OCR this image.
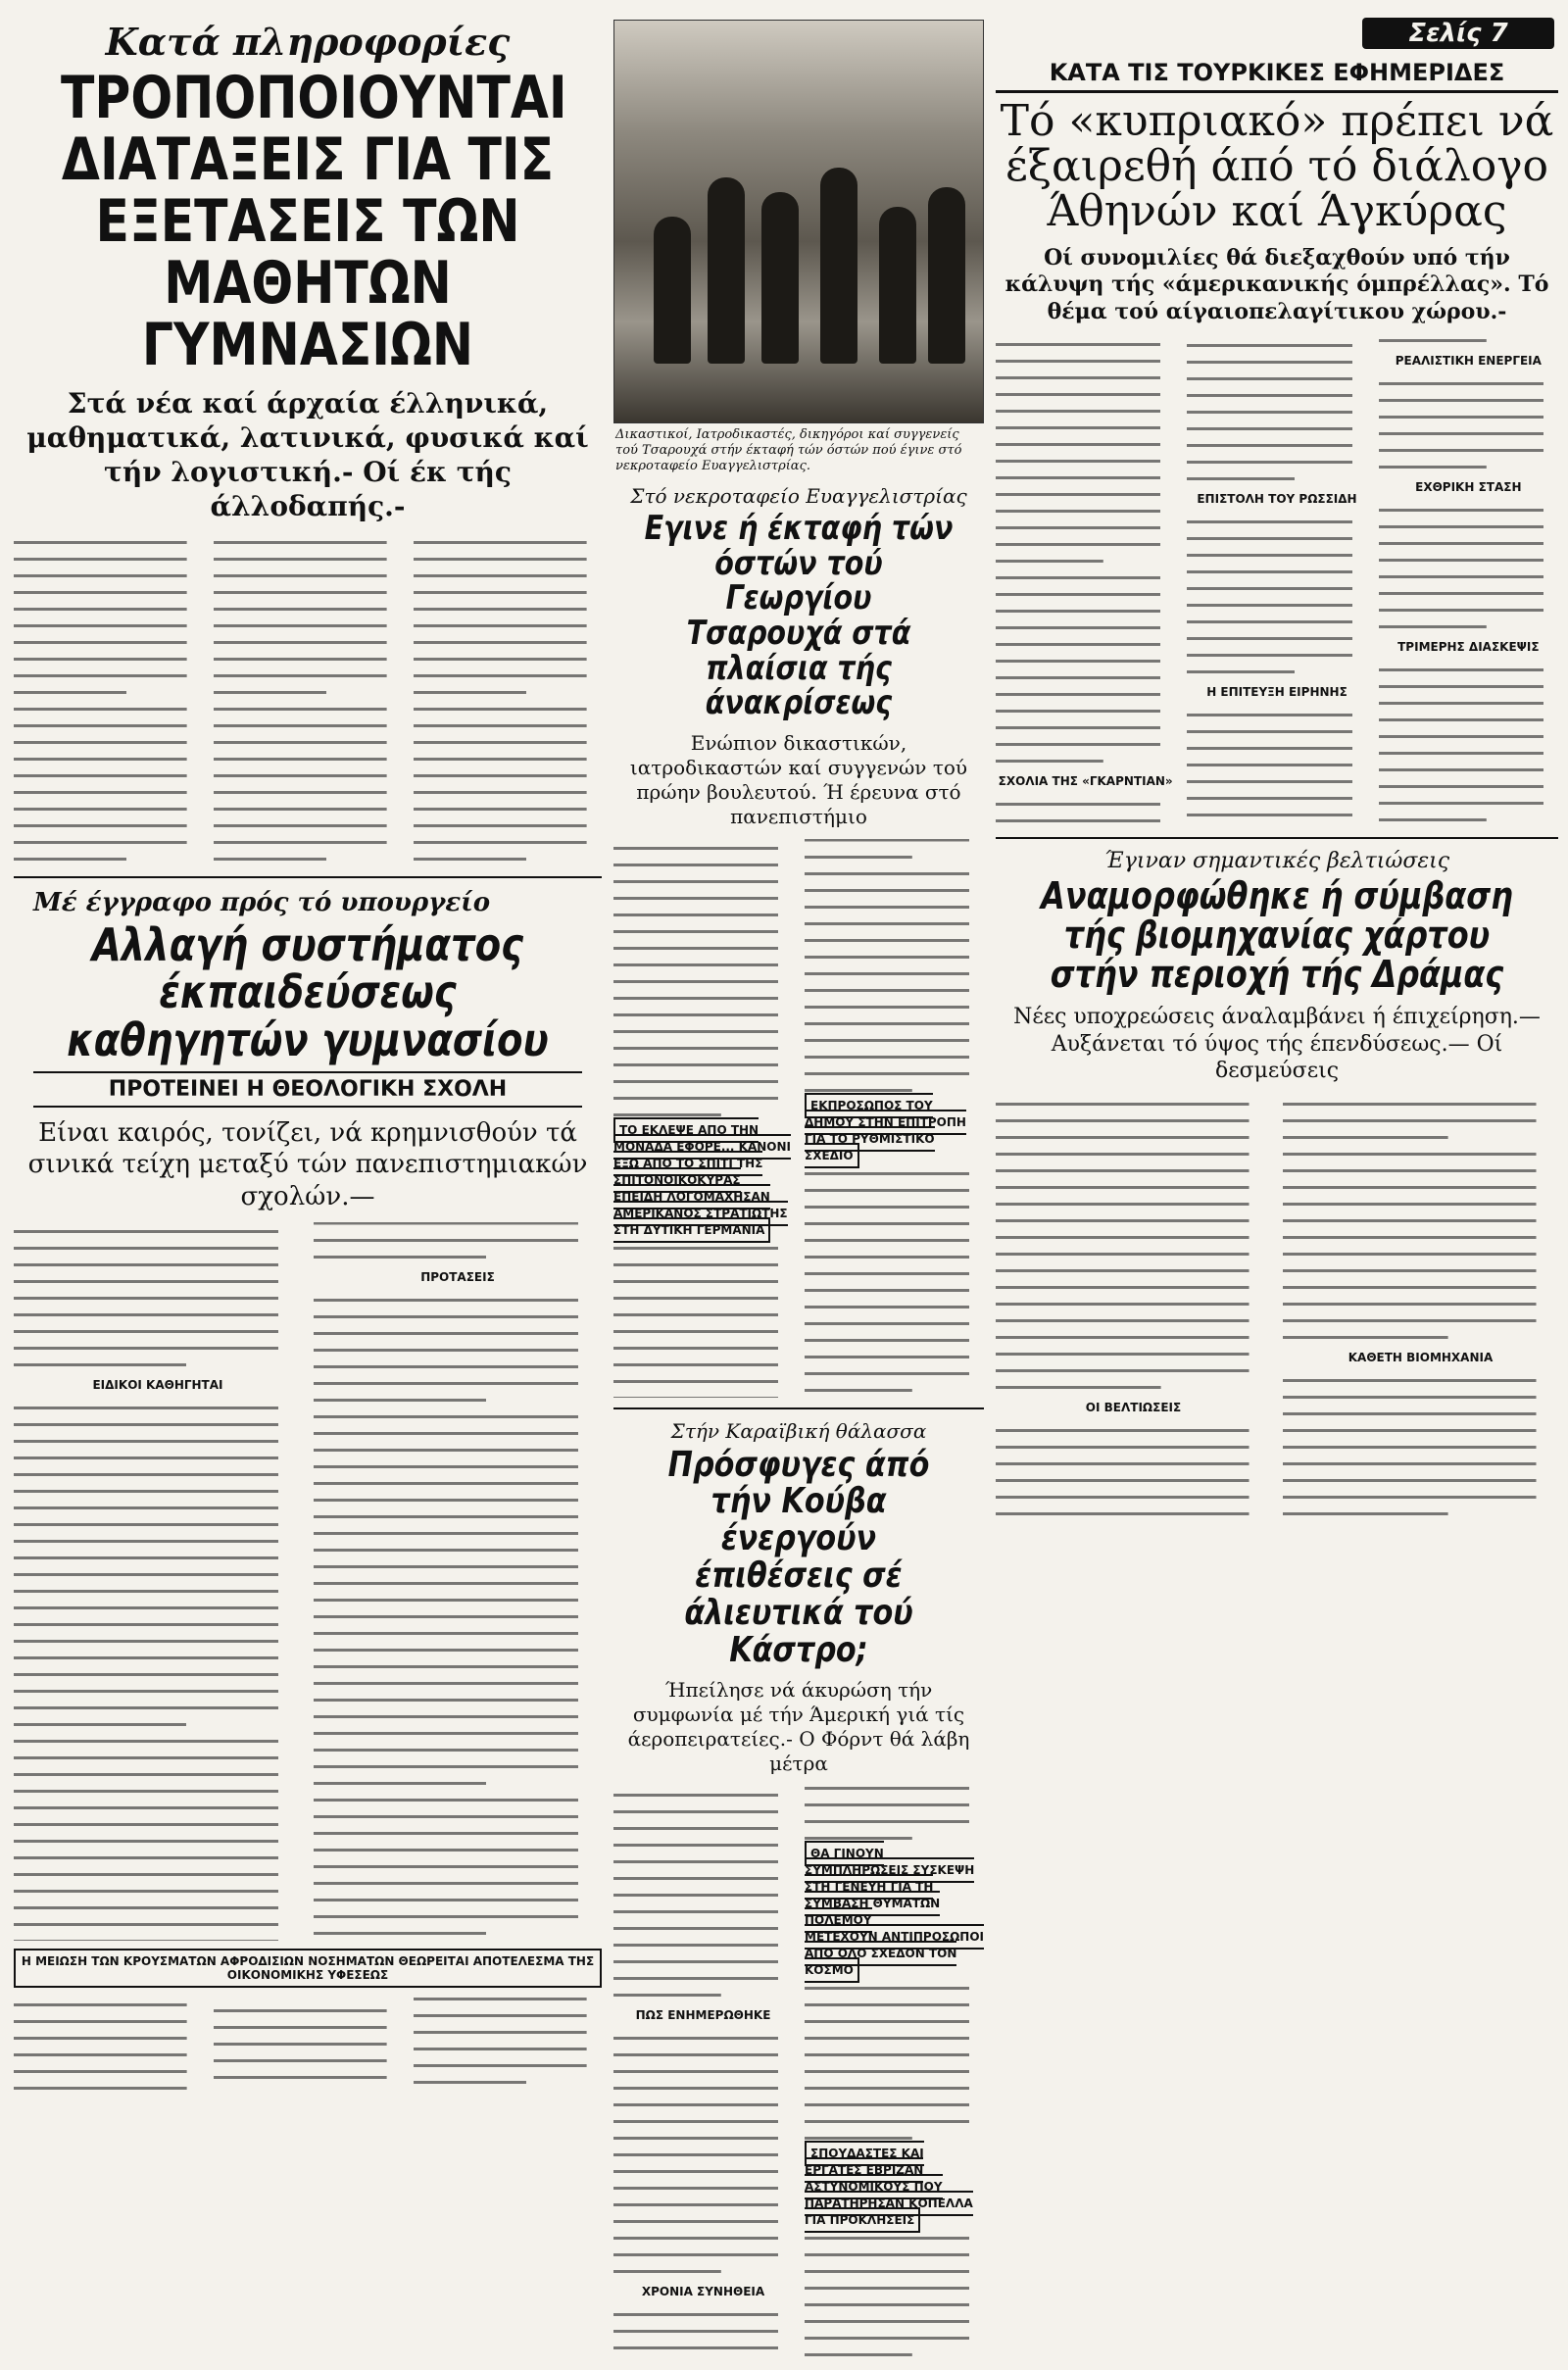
Σελίς 7
Κατά πληροφορίες
ΤΡΟΠΟΠΟΙΟΥΝΤΑΙ ΔΙΑΤΑΞΕΙΣ ΓΙΑ ΤΙΣ ΕΞΕΤΑΣΕΙΣ ΤΩΝ ΜΑΘΗΤΩΝ ΓΥΜΝΑΣΙΩΝ
Στά νέα καί άρχαία έλληνικά, μαθηματικά, λατινικά, φυσικά καί τήν λογιστική.- Οί έκ τής άλλοδαπής.-
Μέ έγγραφο πρός τό υπουργείο
Αλλαγή συστήματος έκπαιδεύσεως καθηγητών γυμνασίου
ΠΡΟΤΕΙΝΕΙ Η ΘΕΟΛΟΓΙΚΗ ΣΧΟΛΗ
Είναι καιρός, τονίζει, νά κρημνισθούν τά σινικά τείχη μεταξύ τών πανεπιστημιακών σχολών.—
ΕΙΔΙΚΟΙ ΚΑΘΗΓΗΤΑΙ
ΠΡΟΤΑΣΕΙΣ
Η ΜΕΙΩΣΗ ΤΩΝ ΚΡΟΥΣΜΑΤΩΝ ΑΦΡΟΔΙΣΙΩΝ ΝΟΣΗΜΑΤΩΝ ΘΕΩΡΕΙΤΑΙ ΑΠΟΤΕΛΕΣΜΑ ΤΗΣ ΟΙΚΟΝΟΜΙΚΗΣ ΥΦΕΣΕΩΣ
Δικαστικοί, Ιατροδικαστές, δικηγόροι καί συγγενείς τού Τσαρουχά στήν έκταφή τών όστών πού έγινε στό νεκροταφείο Ευαγγελιστρίας.
Στό νεκροταφείο Ευαγγελιστρίας
Εγινε ή έκταφή τών όστών τού Γεωργίου Τσαρουχά στά πλαίσια τής άνακρίσεως
Ενώπιον δικαστικών, ιατροδικαστών καί συγγενών τού πρώην βουλευτού. Ή έρευνα στό πανεπιστήμιο
ΤΟ ΕΚΛΕΨΕ ΑΠΟ ΤΗΝ ΜΟΝΑΔΑ ΕΦΟΡΕ... ΚΑΝΟΝΙ ΕΞΩ ΑΠΟ ΤΟ ΣΠΙΤΙ ΤΗΣ ΣΠΙΤΟΝΟΙΚΟΚΥΡΑΣ ΕΠΕΙΔΗ ΛΟΓΟΜΑΧΗΣΑΝ
ΑΜΕΡΙΚΑΝΟΣ ΣΤΡΑΤΙΩΤΗΣ ΣΤΗ ΔΥΤΙΚΗ ΓΕΡΜΑΝΙΑ
ΕΚΠΡΟΣΩΠΟΣ ΤΟΥ ΔΗΜΟΥ ΣΤΗΝ ΕΠΙΤΡΟΠΗ ΓΙΑ ΤΟ ΡΥΘΜΙΣΤΙΚΟ ΣΧΕΔΙΟ
Στήν Καραϊβική θάλασσα
Πρόσφυγες άπό τήν Κούβα ένεργούν έπιθέσεις σέ άλιευτικά τού Κάστρο;
Ήπείλησε νά άκυρώση τήν συμφωνία μέ τήν Άμερική γιά τίς άεροπειρατείες.- Ο Φόρντ θά λάβη μέτρα
ΠΩΣ ΕΝΗΜΕΡΩΘΗΚΕ
ΧΡΟΝΙΑ ΣΥΝΗΘΕΙΑ
ΘΑ ΓΙΝΟΥΝ ΣΥΜΠΛΗΡΩΣΕΙΣ ΣΥΣΚΕΨΗ ΣΤΗ ΓΕΝΕΥΗ ΓΙΑ ΤΗ ΣΥΜΒΑΣΗ ΘΥΜΑΤΩΝ ΠΟΛΕΜΟΥ
ΜΕΤΕΧΟΥΝ ΑΝΤΙΠΡΟΣΩΠΟΙ ΑΠΟ ΟΛΟ ΣΧΕΔΟΝ ΤΟΝ ΚΟΣΜΟ
ΣΠΟΥΔΑΣΤΕΣ ΚΑΙ ΕΡΓΑΤΕΣ ΕΒΡΙΖΑΝ ΑΣΤΥΝΟΜΙΚΟΥΣ ΠΟΥ ΠΑΡΑΤΗΡΗΣΑΝ ΚΟΠΕΛΛΑ ΓΙΑ ΠΡΟΚΛΗΣΕΙΣ
ΚΑΤΑ ΤΙΣ ΤΟΥΡΚΙΚΕΣ ΕΦΗΜΕΡΙΔΕΣ
Τό «κυπριακό» πρέπει νά έξαιρεθή άπό τό διάλογο Άθηνών καί Άγκύρας
Οί συνομιλίες θά διεξαχθούν υπό τήν κάλυψη τής «άμερικανικής όμπρέλλας». Τό θέμα τού αίγαιοπελαγίτικου χώρου.-
ΣΧΟΛΙΑ ΤΗΣ «ΓΚΑΡΝΤΙΑΝ»
ΕΠΙΣΤΟΛΗ ΤΟΥ ΡΩΣΣΙΔΗ
Η ΕΠΙΤΕΥΞΗ ΕΙΡΗΝΗΣ
ΡΕΑΛΙΣΤΙΚΗ ΕΝΕΡΓΕΙΑ
ΕΧΘΡΙΚΗ ΣΤΑΣΗ
ΤΡΙΜΕΡΗΣ ΔΙΑΣΚΕΨΙΣ
Έγιναν σημαντικές βελτιώσεις
Αναμορφώθηκε ή σύμβαση τής βιομηχανίας χάρτου στήν περιοχή τής Δράμας
Νέες υποχρεώσεις άναλαμβάνει ή έπιχείρηση.— Αυξάνεται τό ύψος τής έπενδύσεως.— Οί δεσμεύσεις
ΟΙ ΒΕΛΤΙΩΣΕΙΣ
ΚΑΘΕΤΗ ΒΙΟΜΗΧΑΝΙΑ
